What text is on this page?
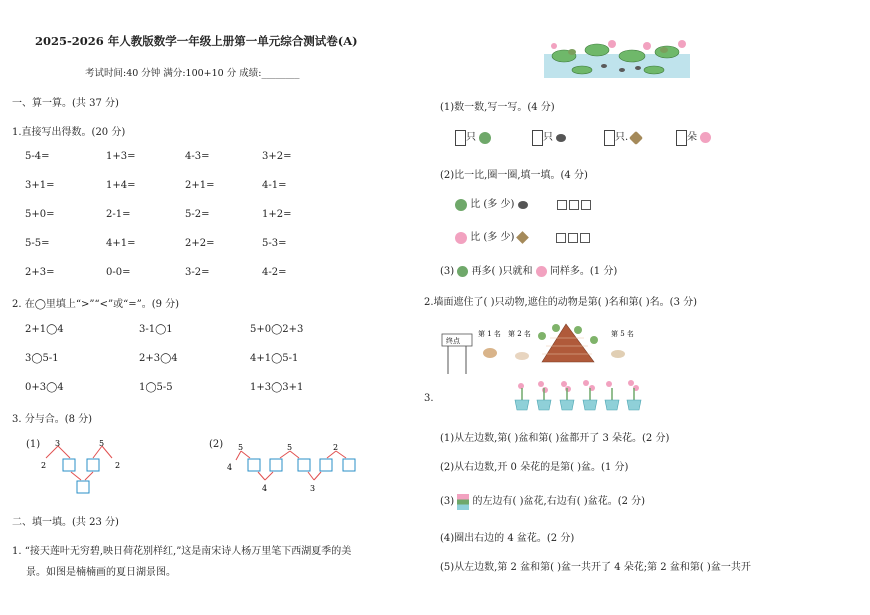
2025-2026 年人教版数学一年级上册第一单元综合测试卷(A)
考试时间:40 分钟 满分:100+10 分 成绩:________
一、算一算。(共 37 分)
1.直接写出得数。(20 分)
5-4=	1+3=	4-3=	3+2=
3+1=	1+4=	2+1=	4-1=
5+0=	2-1=	5-2=	1+2=
5-5=	4+1=	2+2=	5-3=
2+3=	0-0=	3-2=	4-2=
2. 在◯里填上“>”“<”或“=”。(9 分)
2+1◯4	3-1◯1	5+0◯2+3
3◯5-1	2+3◯4	4+1◯5-1
0+3◯4	1◯5-5	1+3◯3+1
3. 分与合。(8 分)
(1) 3	5
2	2
(2) 5	5	2
4
4	3
二、填一填。(共 23 分)
1. “接天莲叶无穷碧,映日荷花别样红,”这是南宋诗人杨万里笔下西湖夏季的美
景。如图是楠楠画的夏日湖景图。
(1)数一数,写一写。(4 分)
只	只	只.	朵
(2)比一比,圈一圈,填一填。(4 分)
比 (多 少)
比 (多 少)
(3) 再多( )只就和 同样多。(1 分)
2.墙面遮住了( )只动物,遮住的动物是第( )名和第( )名。(3 分)
终点
第 1 名 第 2 名	第 5 名
3.
(1)从左边数,第( )盆和第( )盆都开了 3 朵花。(2 分)
(2)从右边数,开 0 朵花的是第( )盆。(1 分)
(3) 的左边有( )盆花,右边有( )盆花。(2 分)
(4)圈出右边的 4 盆花。(2 分)
(5)从左边数,第 2 盆和第( )盆一共开了 4 朵花;第 2 盆和第( )盆一共开
